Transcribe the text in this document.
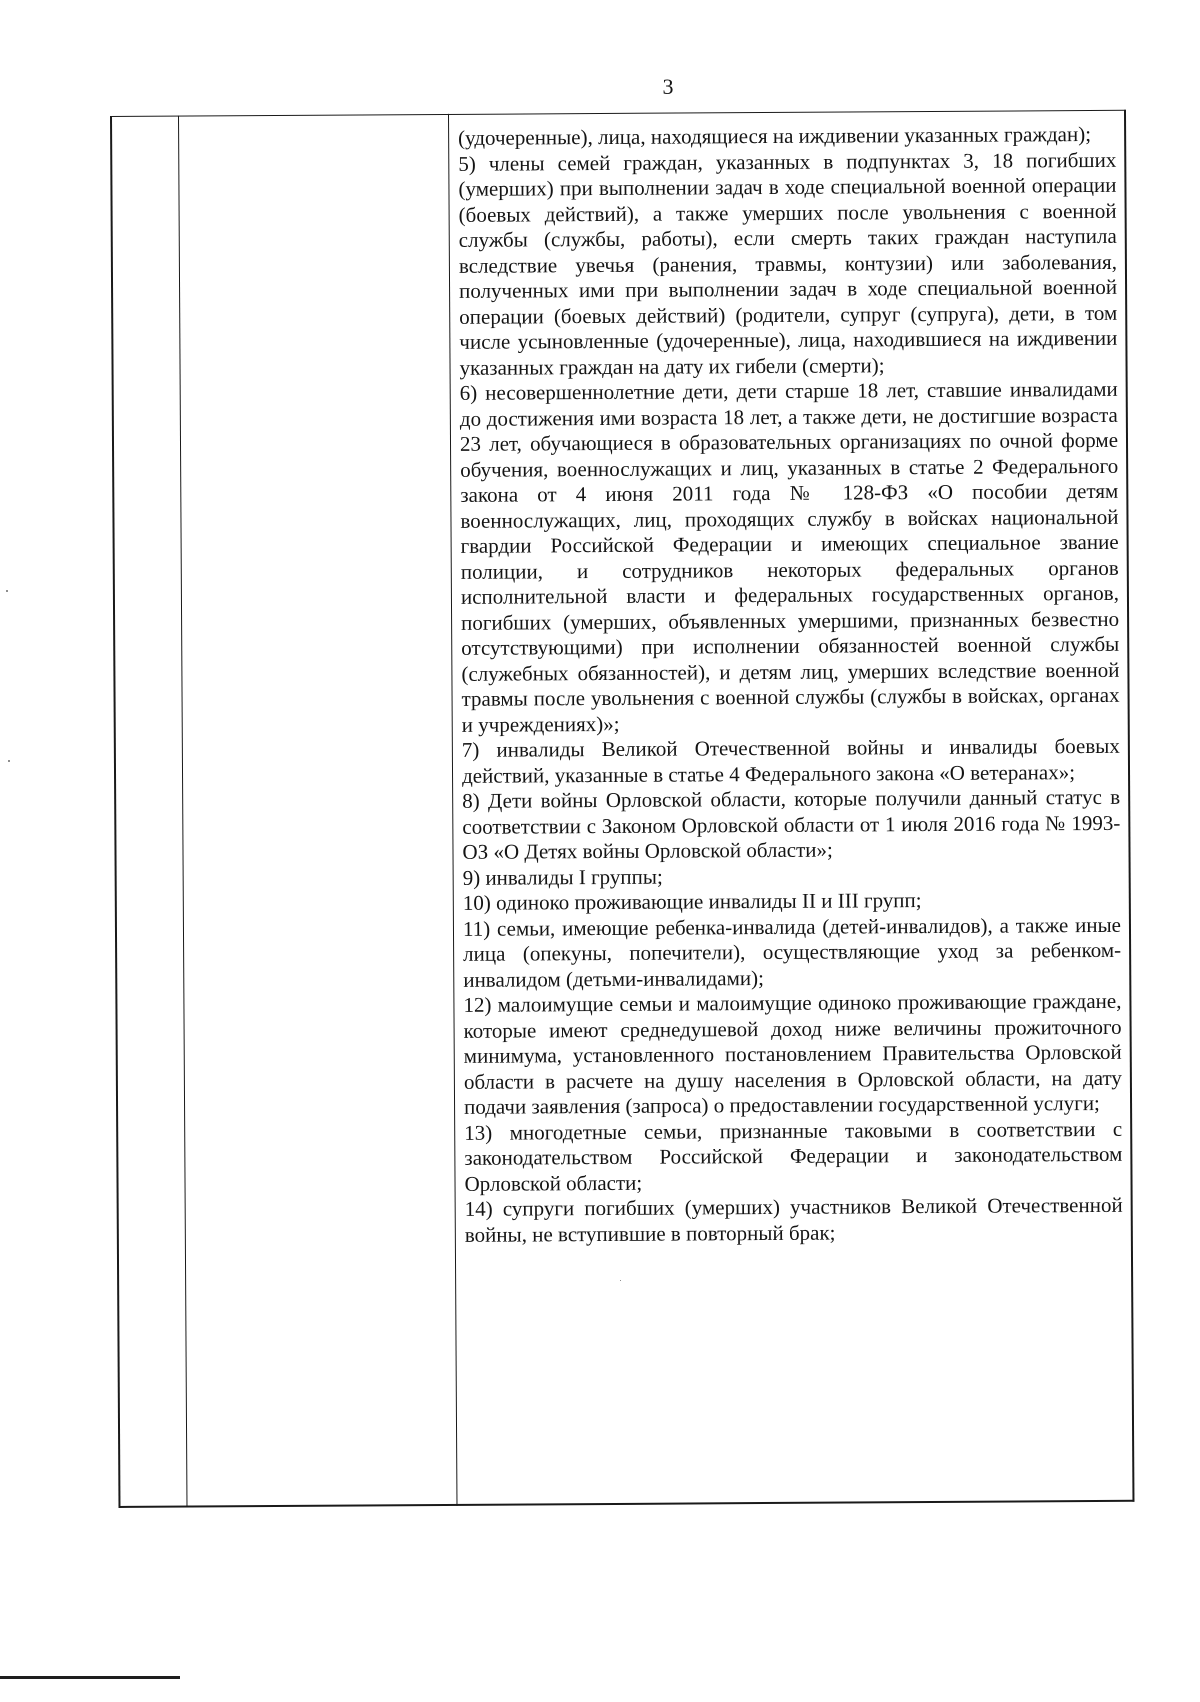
3

(удочеренные), лица, находящиеся на иждивении указанных граждан);

5) члены семей граждан, указанных в подпунктах 3, 18 погибших (умерших) при выполнении задач в ходе специальной военной операции (боевых действий), а также умерших после увольнения с военной службы (службы, работы), если смерть таких граждан наступила вследствие увечья (ранения, травмы, контузии) или заболевания, полученных ими при выполнении задач в ходе специальной военной операции (боевых действий) (родители, супруг (супруга), дети, в том числе усыновленные (удочеренные), лица, находившиеся на иждивении указанных граждан на дату их гибели (смерти);

6) несовершеннолетние дети, дети старше 18 лет, ставшие инвалидами до достижения ими возраста 18 лет, а также дети, не достигшие возраста 23 лет, обучающиеся в образовательных организациях по очной форме обучения, военнослужащих и лиц, указанных в статье 2 Федерального закона от 4 июня 2011 года № 128-ФЗ «О пособии детям военнослужащих, лиц, проходящих службу в войсках национальной гвардии Российской Федерации и имеющих специальное звание полиции, и сотрудников некоторых федеральных органов исполнительной власти и федеральных государственных органов, погибших (умерших, объявленных умершими, признанных безвестно отсутствующими) при исполнении обязанностей военной службы (служебных обязанностей), и детям лиц, умерших вследствие военной травмы после увольнения с военной службы (службы в войсках, органах и учреждениях)»;

7) инвалиды Великой Отечественной войны и инвалиды боевых действий, указанные в статье 4 Федерального закона «О ветеранах»;

8) Дети войны Орловской области, которые получили данный статус в соответствии с Законом Орловской области от 1 июля 2016 года № 1993-ОЗ «О Детях войны Орловской области»;

9) инвалиды I группы;

10) одиноко проживающие инвалиды II и III групп;

11) семьи, имеющие ребенка-инвалида (детей-инвалидов), а также иные лица (опекуны, попечители), осуществляющие уход за ребенком-инвалидом (детьми-инвалидами);

12) малоимущие семьи и малоимущие одиноко проживающие граждане, которые имеют среднедушевой доход ниже величины прожиточного минимума, установленного постановлением Правительства Орловской области в расчете на душу населения в Орловской области, на дату подачи заявления (запроса) о предоставлении государственной услуги;

13) многодетные семьи, признанные таковыми в соответствии с законодательством Российской Федерации и законодательством Орловской области;

14) супруги погибших (умерших) участников Великой Отечественной войны, не вступившие в повторный брак;
